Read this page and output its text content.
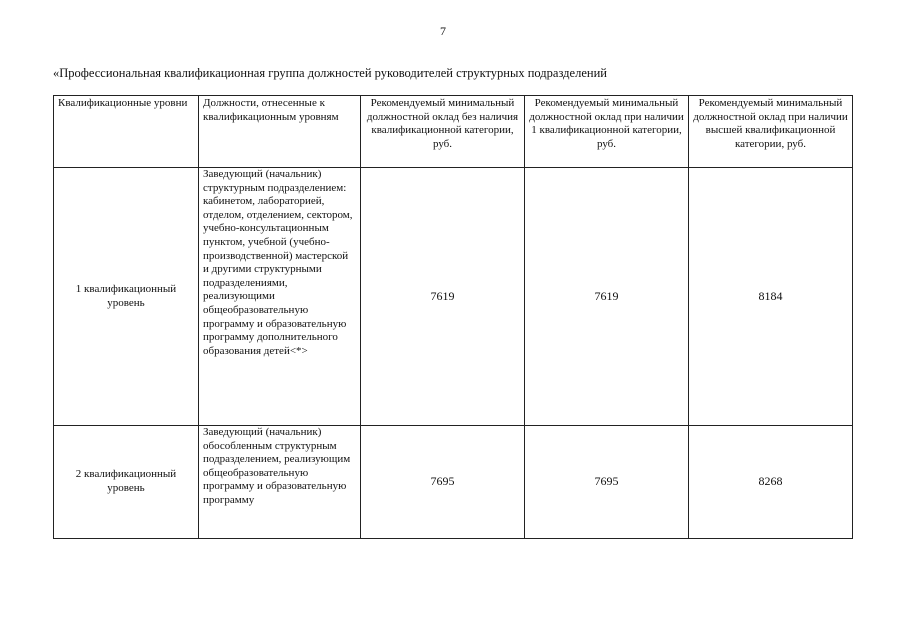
7
«Профессиональная квалификационная группа должностей руководителей структурных подразделений
Квалификационные уровни	Должности, отнесенные к квалификационным уровням	Рекомендуемый минимальный должностной оклад без наличия квалификационной категории, руб.	Рекомендуемый минимальный должностной оклад при наличии 1 квалификационной категории, руб.	Рекомендуемый минимальный должностной оклад при наличии высшей квалификационной категории, руб.
1 квалификационный уровень	Заведующий (начальник) структурным подразделением: кабинетом, лабораторией, отделом, отделением, сектором, учебно-консультационным пунктом, учебной (учебно-производственной) мастерской и другими структурными подразделениями, реализующими общеобразовательную программу и образовательную программу дополнительного образования детей<*>	7619	7619	8184
2 квалификационный уровень	Заведующий (начальник) обособленным структурным подразделением, реализующим общеобразовательную программу и образовательную программу	7695	7695	8268
